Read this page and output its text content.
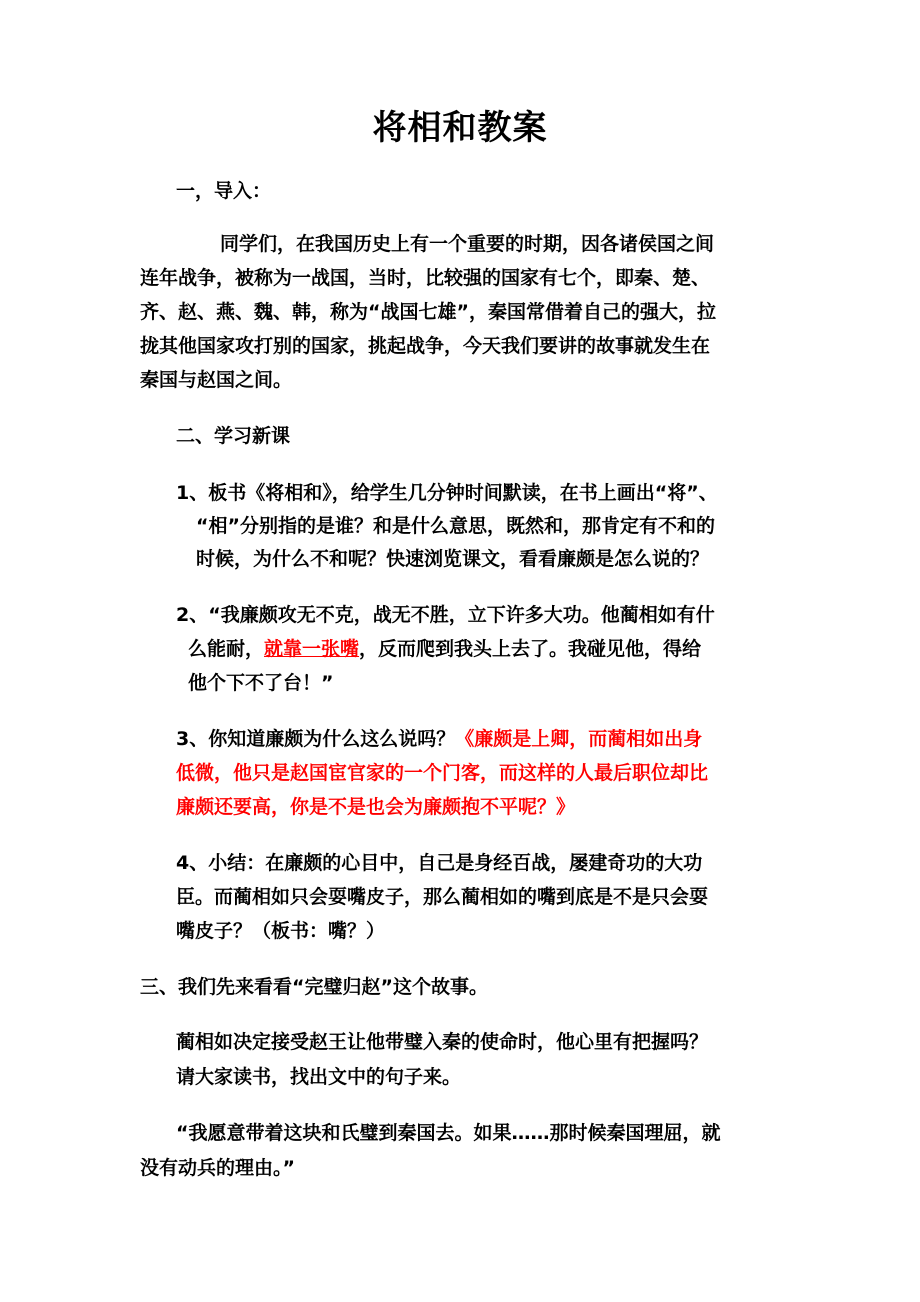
将相和教案
一，导入：
同学们，在我国历史上有一个重要的时期，因各诸侯国之间
连年战争，被称为一战国，当时，比较强的国家有七个，即秦、楚、
齐、赵、燕、魏、韩，称为“战国七雄”，秦国常借着自己的强大，拉
拢其他国家攻打别的国家，挑起战争，今天我们要讲的故事就发生在
秦国与赵国之间。
二、学习新课
1、板书《将相和》，给学生几分钟时间默读，在书上画出“将”、
“相”分别指的是谁？和是什么意思，既然和，那肯定有不和的
时候，为什么不和呢？快速浏览课文，看看廉颇是怎么说的？
2、“我廉颇攻无不克，战无不胜，立下许多大功。他蔺相如有什
么能耐，就靠一张嘴，反而爬到我头上去了。我碰见他，得给
他个下不了台！”
3、你知道廉颇为什么这么说吗？《廉颇是上卿，而蔺相如出身
低微，他只是赵国宦官家的一个门客，而这样的人最后职位却比
廉颇还要高，你是不是也会为廉颇抱不平呢？》
4、小结：在廉颇的心目中，自己是身经百战，屡建奇功的大功
臣。而蔺相如只会耍嘴皮子，那么蔺相如的嘴到底是不是只会耍
嘴皮子？（板书：嘴？）
三、我们先来看看“完璧归赵”这个故事。
蔺相如决定接受赵王让他带璧入秦的使命时，他心里有把握吗？
请大家读书，找出文中的句子来。
“我愿意带着这块和氏璧到秦国去。如果……那时候秦国理屈，就
没有动兵的理由。”
